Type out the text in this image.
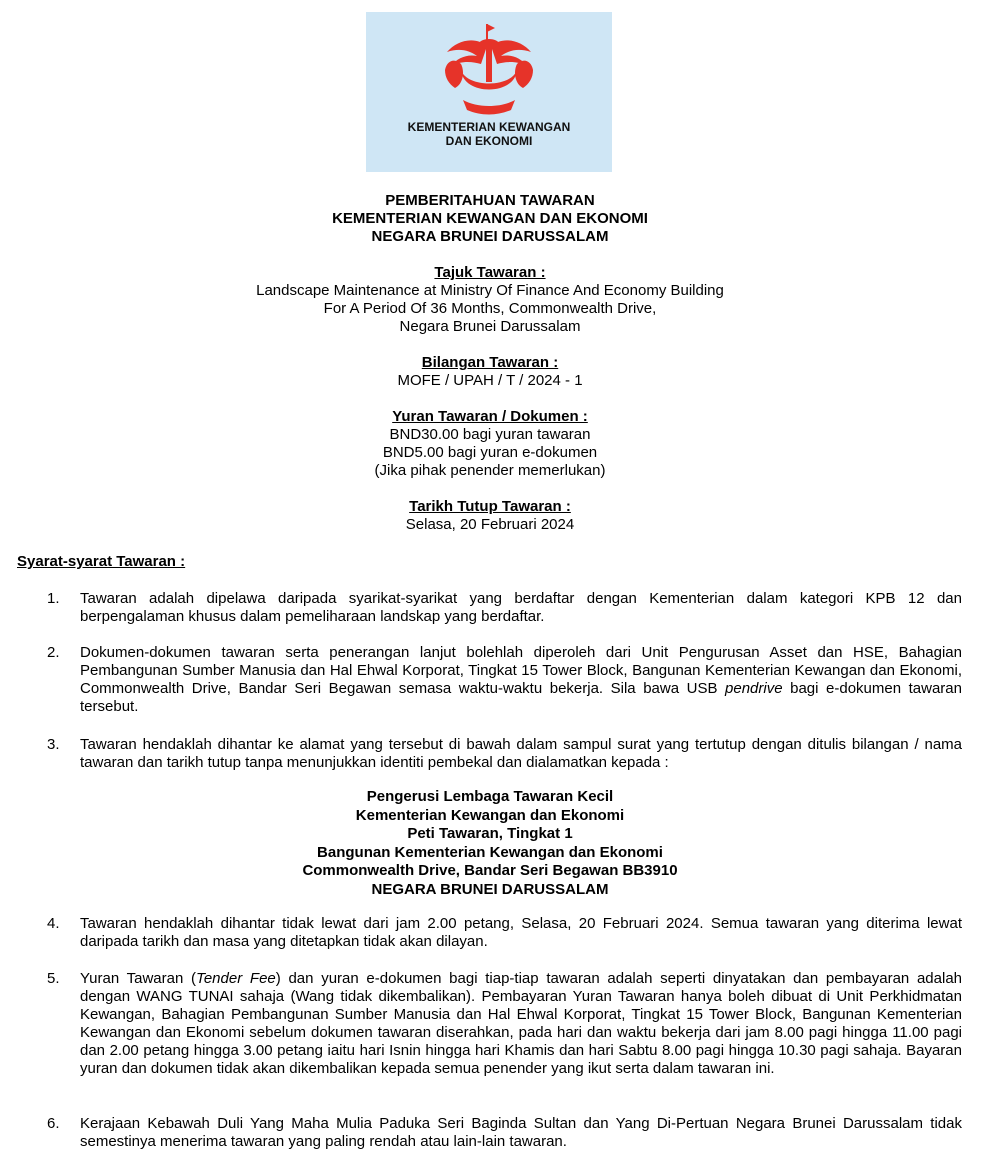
KEMENTERIAN KEWANGAN
DAN EKONOMI
PEMBERITAHUAN TAWARAN
KEMENTERIAN KEWANGAN DAN EKONOMI
NEGARA BRUNEI DARUSSALAM
Tajuk Tawaran :
Landscape Maintenance at Ministry Of Finance And Economy Building
For A Period Of 36 Months, Commonwealth Drive,
Negara Brunei Darussalam
Bilangan Tawaran :
MOFE / UPAH / T / 2024 - 1
Yuran Tawaran / Dokumen :
BND30.00 bagi yuran tawaran
BND5.00 bagi yuran e-dokumen
(Jika pihak penender memerlukan)
Tarikh Tutup Tawaran :
Selasa, 20 Februari 2024
Syarat-syarat Tawaran :
1. Tawaran adalah dipelawa daripada syarikat-syarikat yang berdaftar dengan Kementerian dalam kategori KPB 12 dan berpengalaman khusus dalam pemeliharaan landskap yang berdaftar.
2. Dokumen-dokumen tawaran serta penerangan lanjut bolehlah diperoleh dari Unit Pengurusan Asset dan HSE, Bahagian Pembangunan Sumber Manusia dan Hal Ehwal Korporat, Tingkat 15 Tower Block, Bangunan Kementerian Kewangan dan Ekonomi, Commonwealth Drive, Bandar Seri Begawan semasa waktu-waktu bekerja. Sila bawa USB pendrive bagi e-dokumen tawaran tersebut.
3. Tawaran hendaklah dihantar ke alamat yang tersebut di bawah dalam sampul surat yang tertutup dengan ditulis bilangan / nama tawaran dan tarikh tutup tanpa menunjukkan identiti pembekal dan dialamatkan kepada :
Pengerusi Lembaga Tawaran Kecil
Kementerian Kewangan dan Ekonomi
Peti Tawaran, Tingkat 1
Bangunan Kementerian Kewangan dan Ekonomi
Commonwealth Drive, Bandar Seri Begawan BB3910
NEGARA BRUNEI DARUSSALAM
4. Tawaran hendaklah dihantar tidak lewat dari jam 2.00 petang, Selasa, 20 Februari 2024. Semua tawaran yang diterima lewat daripada tarikh dan masa yang ditetapkan tidak akan dilayan.
5. Yuran Tawaran (Tender Fee) dan yuran e-dokumen bagi tiap-tiap tawaran adalah seperti dinyatakan dan pembayaran adalah dengan WANG TUNAI sahaja (Wang tidak dikembalikan). Pembayaran Yuran Tawaran hanya boleh dibuat di Unit Perkhidmatan Kewangan, Bahagian Pembangunan Sumber Manusia dan Hal Ehwal Korporat, Tingkat 15 Tower Block, Bangunan Kementerian Kewangan dan Ekonomi sebelum dokumen tawaran diserahkan, pada hari dan waktu bekerja dari jam 8.00 pagi hingga 11.00 pagi dan 2.00 petang hingga 3.00 petang iaitu hari Isnin hingga hari Khamis dan hari Sabtu 8.00 pagi hingga 10.30 pagi sahaja. Bayaran yuran dan dokumen tidak akan dikembalikan kepada semua penender yang ikut serta dalam tawaran ini.
6. Kerajaan Kebawah Duli Yang Maha Mulia Paduka Seri Baginda Sultan dan Yang Di-Pertuan Negara Brunei Darussalam tidak semestinya menerima tawaran yang paling rendah atau lain-lain tawaran.
